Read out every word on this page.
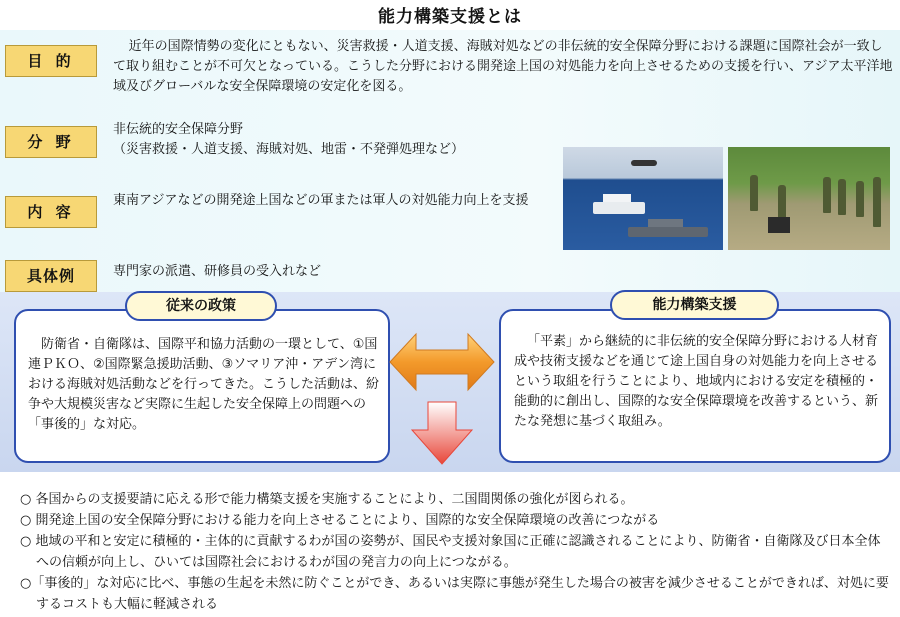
能力構築支援とは
目 的
近年の国際情勢の変化にともない、災害救援・人道支援、海賊対処などの非伝統的安全保障分野における課題に国際社会が一致して取り組むことが不可欠となっている。こうした分野における開発途上国の対処能力を向上させるための支援を行い、アジア太平洋地域及びグローバルな安全保障環境の安定化を図る。
分 野
非伝統的安全保障分野
（災害救援・人道支援、海賊対処、地雷・不発弾処理など）
内 容
東南アジアなどの開発途上国などの軍または軍人の対処能力向上を支援
具体例	専門家の派遣、研修員の受入れなど
従来の政策
防衛省・自衛隊は、国際平和協力活動の一環として、①国連ＰＫＯ、②国際緊急援助活動、③ソマリア沖・アデン湾における海賊対処活動などを行ってきた。こうした活動は、紛争や大規模災害など実際に生起した安全保障上の問題への「事後的」な対応。
能力構築支援
「平素」から継続的に非伝統的安全保障分野における人材育成や技術支援などを通じて途上国自身の対処能力を向上させるという取組を行うことにより、地域内における安定を積極的・能動的に創出し、国際的な安全保障環境を改善するという、新たな発想に基づく取組み。
○ 各国からの支援要請に応える形で能力構築支援を実施することにより、二国間関係の強化が図られる。
○ 開発途上国の安全保障分野における能力を向上させることにより、国際的な安全保障環境の改善につながる
○ 地域の平和と安定に積極的・主体的に貢献するわが国の姿勢が、国民や支援対象国に正確に認識されることにより、防衛省・自衛隊及び日本全体への信頼が向上し、ひいては国際社会におけるわが国の発言力の向上につながる。
○「事後的」な対応に比べ、事態の生起を未然に防ぐことができ、あるいは実際に事態が発生した場合の被害を減少させることができれば、対処に要するコストも大幅に軽減される
